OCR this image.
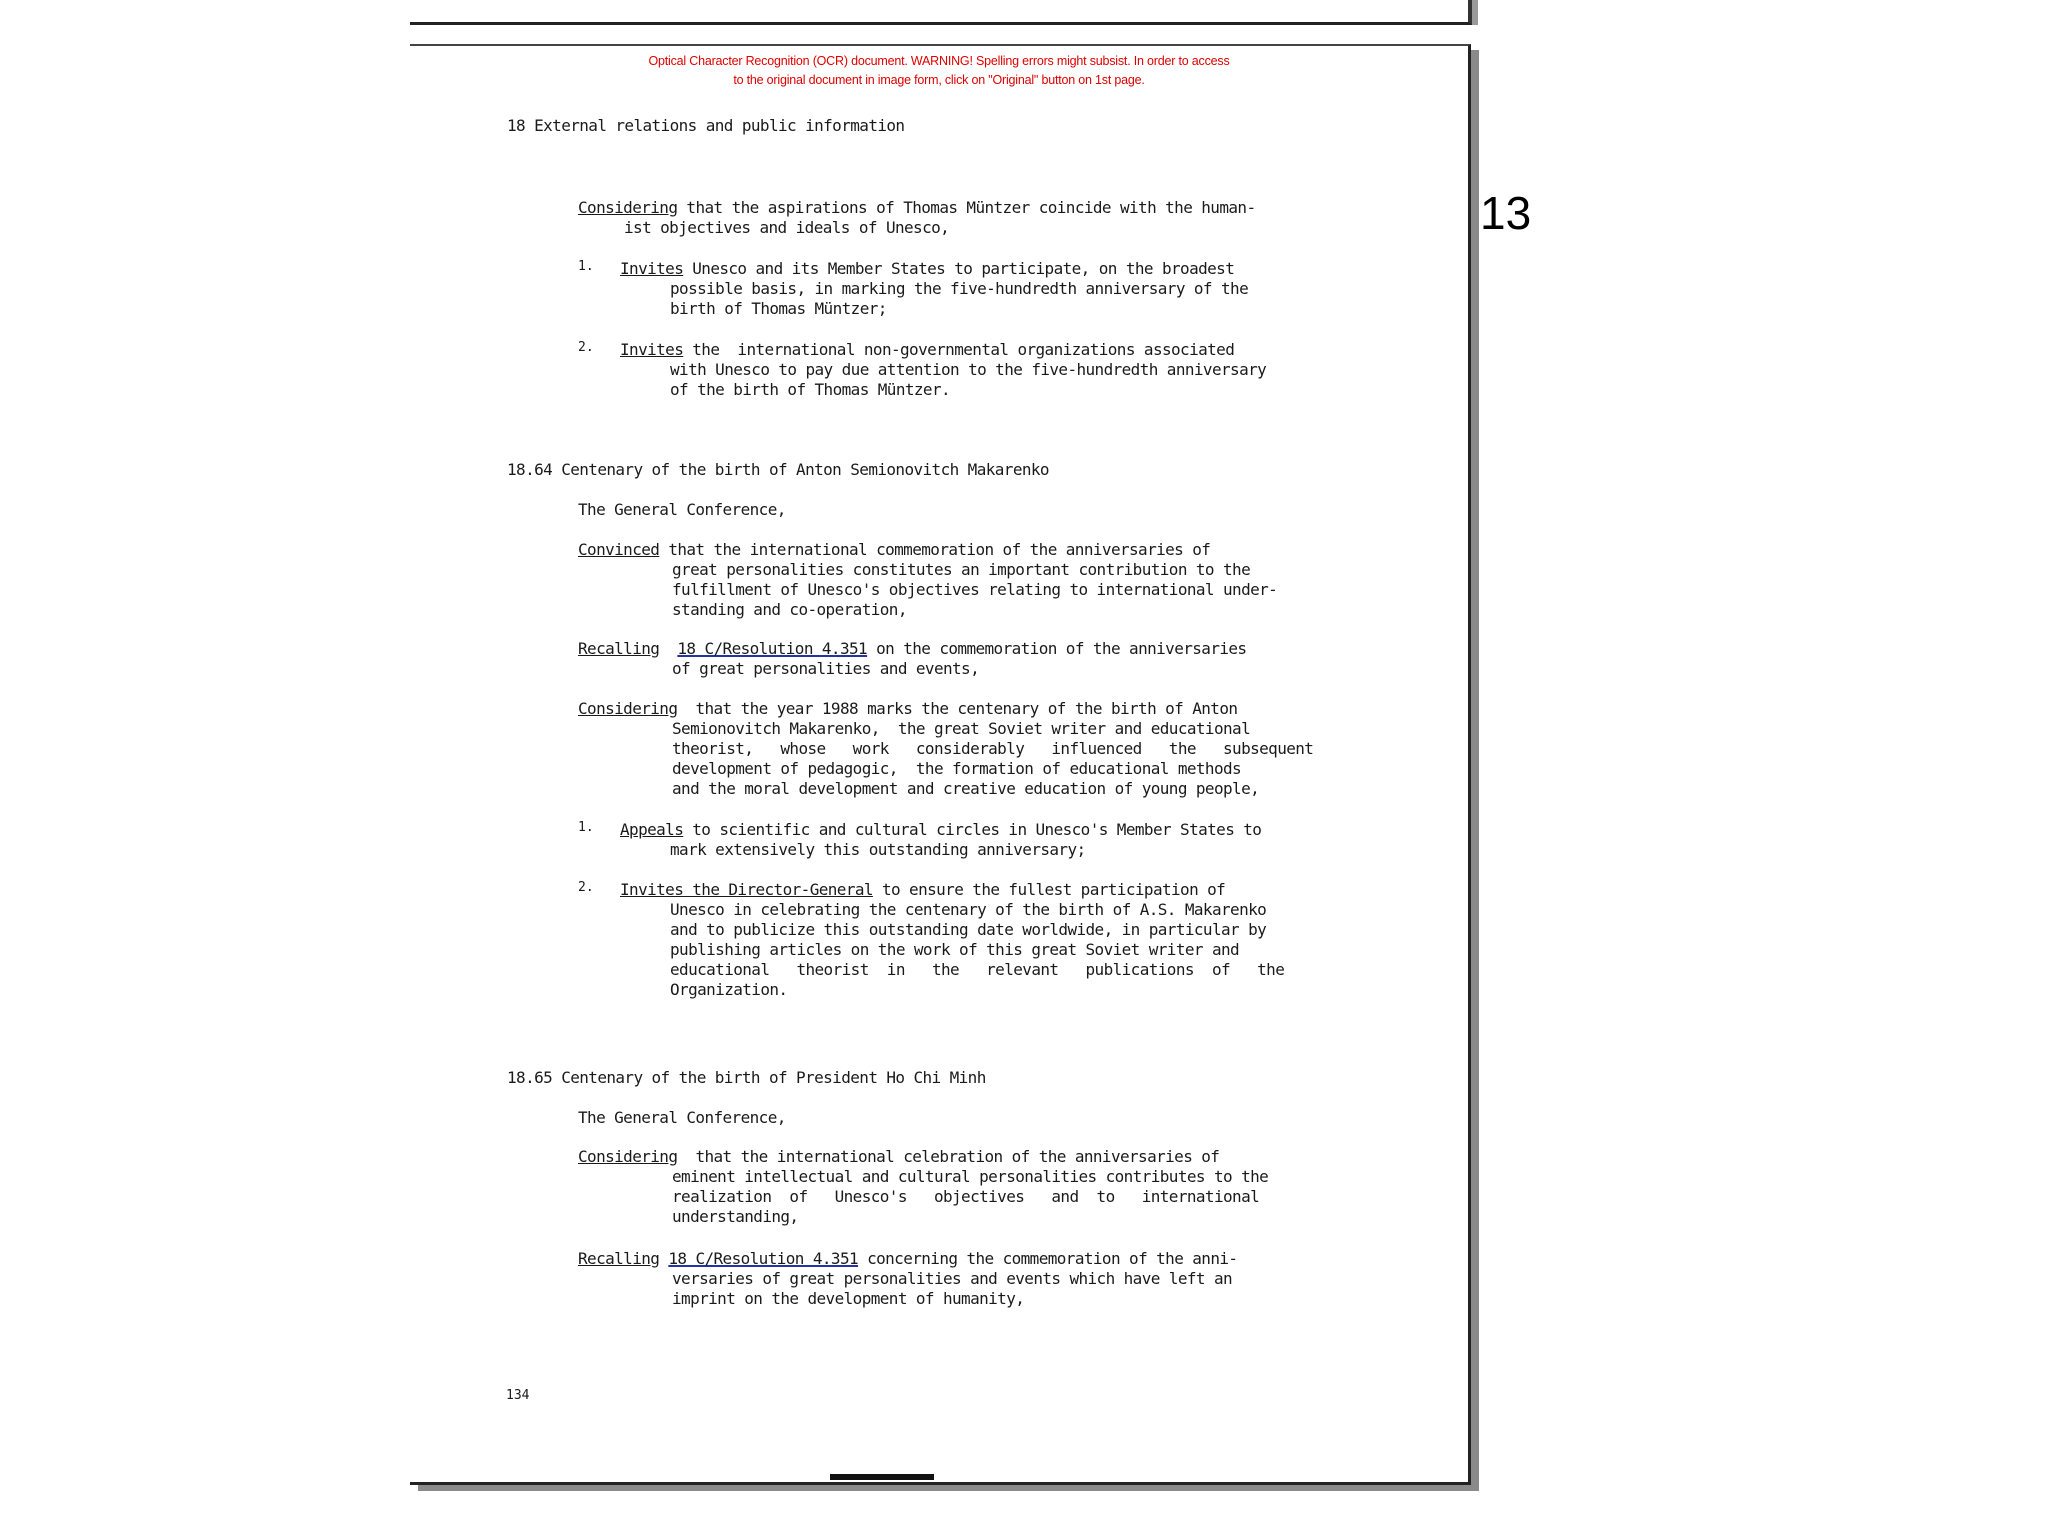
Optical Character Recognition (OCR) document. WARNING! Spelling errors might subsist. In order to access
to the original document in image form, click on "Original" button on 1st page.
18 External relations and public information
Considering that the aspirations of Thomas Müntzer coincide with the human-
ist objectives and ideals of Unesco,
1. Invites Unesco and its Member States to participate, on the broadest
possible basis, in marking the five-hundredth anniversary of the
birth of Thomas Müntzer;
2. Invites the  international non-governmental organizations associated
with Unesco to pay due attention to the five-hundredth anniversary
of the birth of Thomas Müntzer.
18.64 Centenary of the birth of Anton Semionovitch Makarenko
The General Conference,
Convinced that the international commemoration of the anniversaries of
great personalities constitutes an important contribution to the
fulfillment of Unesco's objectives relating to international under-
standing and co-operation,
Recalling 18 C/Resolution 4.351 on the commemoration of the anniversaries
of great personalities and events,
Considering  that the year 1988 marks the centenary of the birth of Anton
Semionovitch Makarenko,  the great Soviet writer and educational
theorist,   whose   work   considerably   influenced   the   subsequent
development of pedagogic,  the formation of educational methods
and the moral development and creative education of young people,
1. Appeals to scientific and cultural circles in Unesco's Member States to
mark extensively this outstanding anniversary;
2. Invites the Director-General to ensure the fullest participation of
Unesco in celebrating the centenary of the birth of A.S. Makarenko
and to publicize this outstanding date worldwide, in particular by
publishing articles on the work of this great Soviet writer and
educational   theorist  in   the   relevant   publications  of   the
Organization.
18.65 Centenary of the birth of President Ho Chi Minh
The General Conference,
Considering  that the international celebration of the anniversaries of
eminent intellectual and cultural personalities contributes to the
realization  of   Unesco's   objectives   and  to   international
understanding,
Recalling 18 C/Resolution 4.351 concerning the commemoration of the anni-
versaries of great personalities and events which have left an
imprint on the development of humanity,
134
13
